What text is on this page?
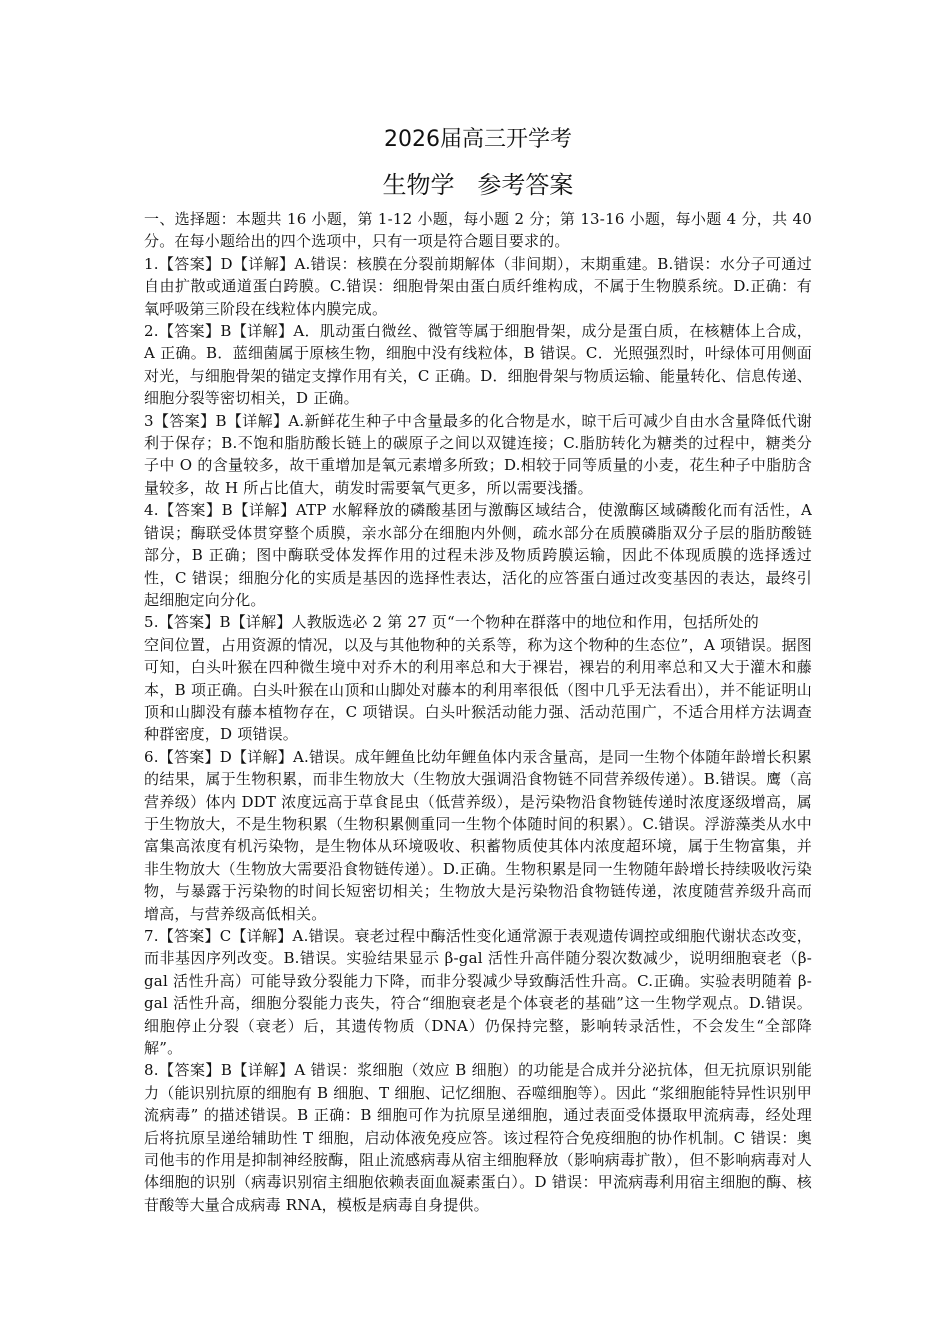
2026届高三开学考
生物学   参考答案

一、选择题：本题共 16 小题，第 1-12 小题，每小题 2 分；第 13-16 小题，每小题 4 分，共 40 分。在每小题给出的四个选项中，只有一项是符合题目要求的。

1.【答案】D【详解】A.错误：核膜在分裂前期解体（非间期），末期重建。B.错误：水分子可通过自由扩散或通道蛋白跨膜。C.错误：细胞骨架由蛋白质纤维构成，不属于生物膜系统。D.正确：有氧呼吸第三阶段在线粒体内膜完成。

2.【答案】B【详解】A．肌动蛋白微丝、微管等属于细胞骨架，成分是蛋白质，在核糖体上合成，A 正确。B．蓝细菌属于原核生物，细胞中没有线粒体，B 错误。C．光照强烈时，叶绿体可用侧面对光，与细胞骨架的锚定支撑作用有关，C 正确。D．细胞骨架与物质运输、能量转化、信息传递、细胞分裂等密切相关，D 正确。

3【答案】B【详解】A.新鲜花生种子中含量最多的化合物是水，晾干后可减少自由水含量降低代谢利于保存；B.不饱和脂肪酸长链上的碳原子之间以双键连接；C.脂肪转化为糖类的过程中，糖类分子中 O 的含量较多，故干重增加是氧元素增多所致；D.相较于同等质量的小麦，花生种子中脂肪含量较多，故 H 所占比值大，萌发时需要氧气更多，所以需要浅播。

4.【答案】B【详解】ATP 水解释放的磷酸基团与激酶区域结合，使激酶区域磷酸化而有活性，A 错误；酶联受体贯穿整个质膜，亲水部分在细胞内外侧，疏水部分在质膜磷脂双分子层的脂肪酸链部分，B 正确；图中酶联受体发挥作用的过程未涉及物质跨膜运输，因此不体现质膜的选择透过性，C 错误；细胞分化的实质是基因的选择性表达，活化的应答蛋白通过改变基因的表达，最终引起细胞定向分化。

5.【答案】B【详解】人教版选必 2 第 27 页“一个物种在群落中的地位和作用，包括所处的

空间位置，占用资源的情况，以及与其他物种的关系等，称为这个物种的生态位”，A 项错误。据图可知，白头叶猴在四种微生境中对乔木的利用率总和大于裸岩，裸岩的利用率总和又大于灌木和藤本，B 项正确。白头叶猴在山顶和山脚处对藤本的利用率很低（图中几乎无法看出），并不能证明山顶和山脚没有藤本植物存在，C 项错误。白头叶猴活动能力强、活动范围广，不适合用样方法调查种群密度，D 项错误。

6.【答案】D【详解】A.错误。成年鲤鱼比幼年鲤鱼体内汞含量高，是同一生物个体随年龄增长积累的结果，属于生物积累，而非生物放大（生物放大强调沿食物链不同营养级传递）。B.错误。鹰（高营养级）体内 DDT 浓度远高于草食昆虫（低营养级），是污染物沿食物链传递时浓度逐级增高，属于生物放大，不是生物积累（生物积累侧重同一生物个体随时间的积累）。C.错误。浮游藻类从水中富集高浓度有机污染物，是生物体从环境吸收、积蓄物质使其体内浓度超环境，属于生物富集，并非生物放大（生物放大需要沿食物链传递）。D.正确。生物积累是同一生物随年龄增长持续吸收污染物，与暴露于污染物的时间长短密切相关；生物放大是污染物沿食物链传递，浓度随营养级升高而增高，与营养级高低相关。

7.【答案】C【详解】A.错误。衰老过程中酶活性变化通常源于表观遗传调控或细胞代谢状态改变，而非基因序列改变。B.错误。实验结果显示 β-gal 活性升高伴随分裂次数减少，说明细胞衰老（β-gal 活性升高）可能导致分裂能力下降，而非分裂减少导致酶活性升高。C.正确。实验表明随着 β-gal 活性升高，细胞分裂能力丧失，符合“细胞衰老是个体衰老的基础”这一生物学观点。D.错误。细胞停止分裂（衰老）后，其遗传物质（DNA）仍保持完整，影响转录活性，不会发生“全部降解”。

8.【答案】B【详解】A 错误：浆细胞（效应 B 细胞）的功能是合成并分泌抗体，但无抗原识别能力（能识别抗原的细胞有 B 细胞、T 细胞、记忆细胞、吞噬细胞等）。因此 “浆细胞能特异性识别甲流病毒” 的描述错误。B 正确：B 细胞可作为抗原呈递细胞，通过表面受体摄取甲流病毒，经处理后将抗原呈递给辅助性 T 细胞，启动体液免疫应答。该过程符合免疫细胞的协作机制。C 错误：奥司他韦的作用是抑制神经胺酶，阻止流感病毒从宿主细胞释放（影响病毒扩散），但不影响病毒对人体细胞的识别（病毒识别宿主细胞依赖表面血凝素蛋白）。D 错误：甲流病毒利用宿主细胞的酶、核苷酸等大量合成病毒 RNA，模板是病毒自身提供。
